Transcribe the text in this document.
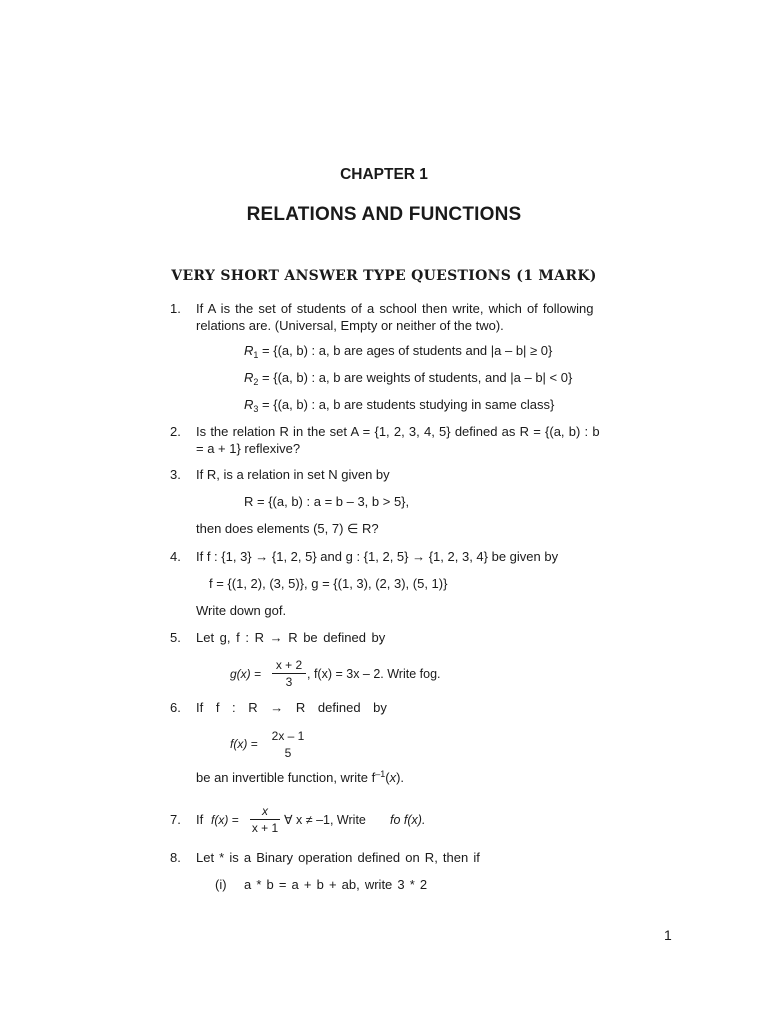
CHAPTER 1
RELATIONS AND FUNCTIONS
VERY SHORT ANSWER TYPE QUESTIONS (1 MARK)
1. If A is the set of students of a school then write, which of following
relations are. (Universal, Empty or neither of the two).
$R_1 = \{(a$, b) : a, b are ages of students and |a – b| ≥ 0}
$R_2 = \{(a$, b) : a, b are weights of students, and |a – b| < 0}
$R_3 = \{(a$, b) : a, b are students studying in same class}
2. Is the relation R in the set A = {1, 2, 3, 4, 5} defined as R = {(a, b) : b
= a + 1} reflexive?
3. If R, is a relation in set N given by
R = {(a, b) : a = b – 3, b > 5},
then does elements (5, 7) ∈ R?
4. If f : {1, 3} → {1, 2, 5} and g : {1, 2, 5} → {1, 2, 3, 4} be given by
f = {(1, 2), (3, 5)}, g = {(1, 3), (2, 3), (5, 1)}
Write down gof.
5. Let g, f : R → R be defined by
g(x) =
x + 2
3
, f(x) = 3x – 2. Write fog.
6. If f : R → R defined by
f(x) =
2x – 1
5
be an invertible function, write $f^{-1}(x)$.
7. If f(x) =
x
x + 1
∀ x ≠ –1, Write fo f(x).
8. Let * is a Binary operation defined on R, then if
(i) a * b = a + b + ab, write 3 * 2
1
